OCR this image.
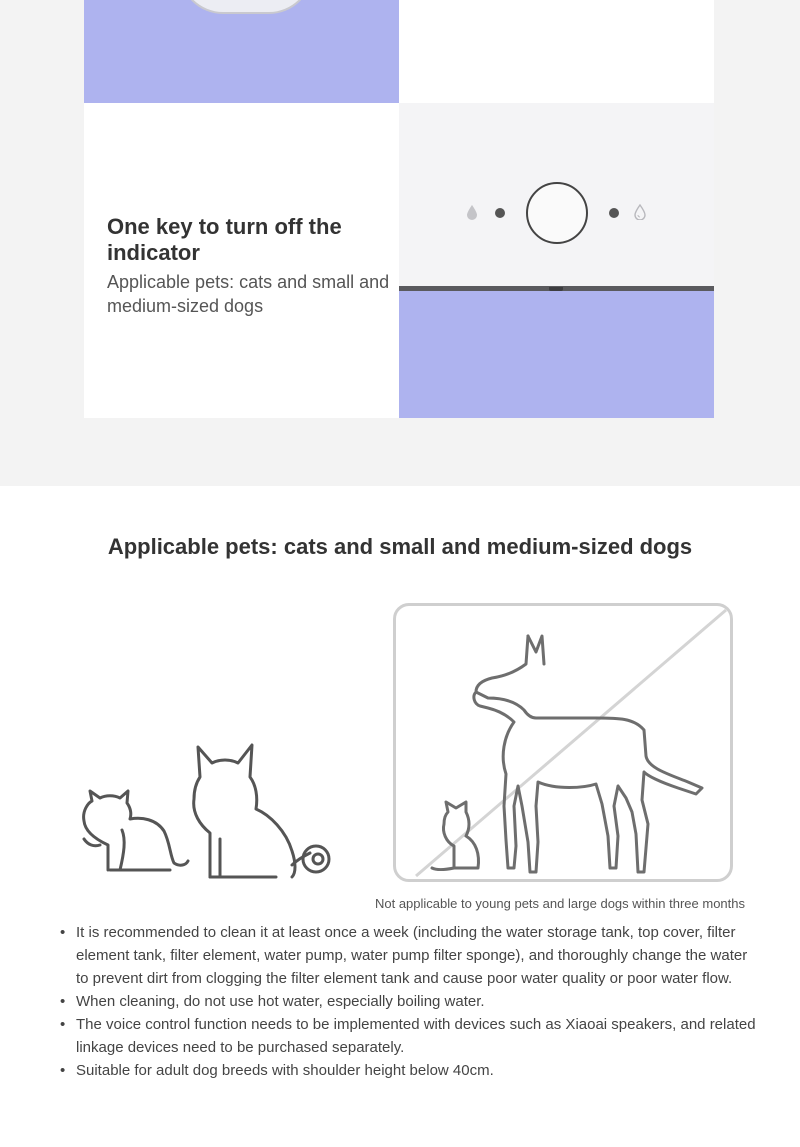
One key to turn off the indicator
Applicable pets: cats and small and medium-sized dogs
Applicable pets: cats and small and medium-sized dogs
Not applicable to young pets and large dogs within three months
• It is recommended to clean it at least once a week (including the water storage tank, top cover, filter element tank, filter element, water pump, water pump filter sponge), and thoroughly change the water to prevent dirt from clogging the filter element tank and cause poor water quality or poor water flow.
• When cleaning, do not use hot water, especially boiling water.
• The voice control function needs to be implemented with devices such as Xiaoai speakers, and related linkage devices need to be purchased separately.
• Suitable for adult dog breeds with shoulder height below 40cm.
